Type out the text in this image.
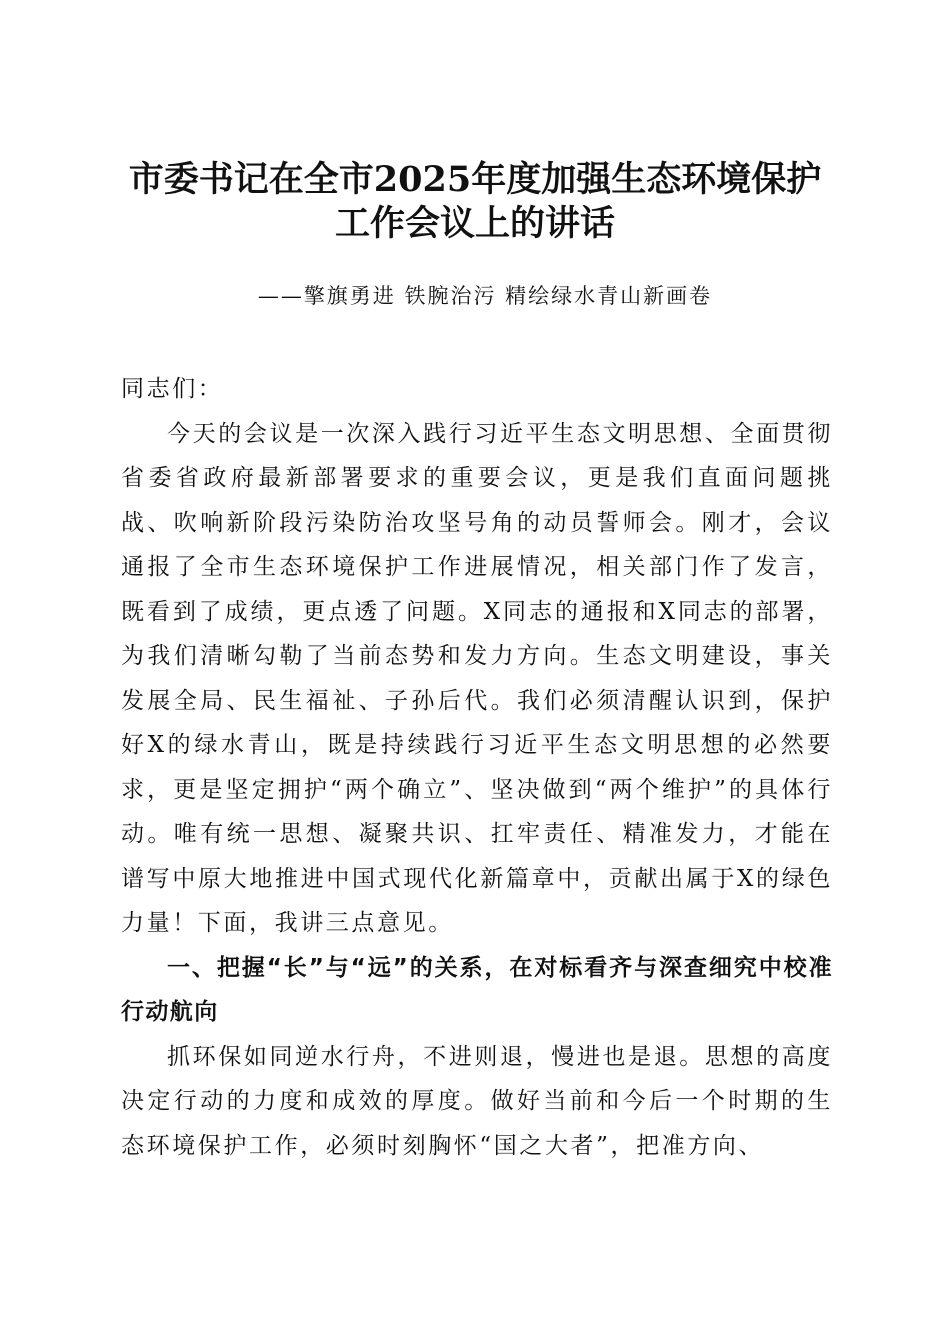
市委书记在全市2025年度加强生态环境保护
工作会议上的讲话
——擎旗勇进 铁腕治污 精绘绿水青山新画卷

同志们：

今天的会议是一次深入践行习近平生态文明思想、全面贯彻省委省政府最新部署要求的重要会议，更是我们直面问题挑战、吹响新阶段污染防治攻坚号角的动员誓师会。刚才，会议通报了全市生态环境保护工作进展情况，相关部门作了发言，既看到了成绩，更点透了问题。X同志的通报和X同志的部署，为我们清晰勾勒了当前态势和发力方向。生态文明建设，事关发展全局、民生福祉、子孙后代。我们必须清醒认识到，保护好X的绿水青山，既是持续践行习近平生态文明思想的必然要求，更是坚定拥护“两个确立”、坚决做到“两个维护”的具体行动。唯有统一思想、凝聚共识、扛牢责任、精准发力，才能在谱写中原大地推进中国式现代化新篇章中，贡献出属于X的绿色力量！下面，我讲三点意见。

一、把握“长”与“远”的关系，在对标看齐与深查细究中校准行动航向

抓环保如同逆水行舟，不进则退，慢进也是退。思想的高度决定行动的力度和成效的厚度。做好当前和今后一个时期的生态环境保护工作，必须时刻胸怀“国之大者”，把准方向、
